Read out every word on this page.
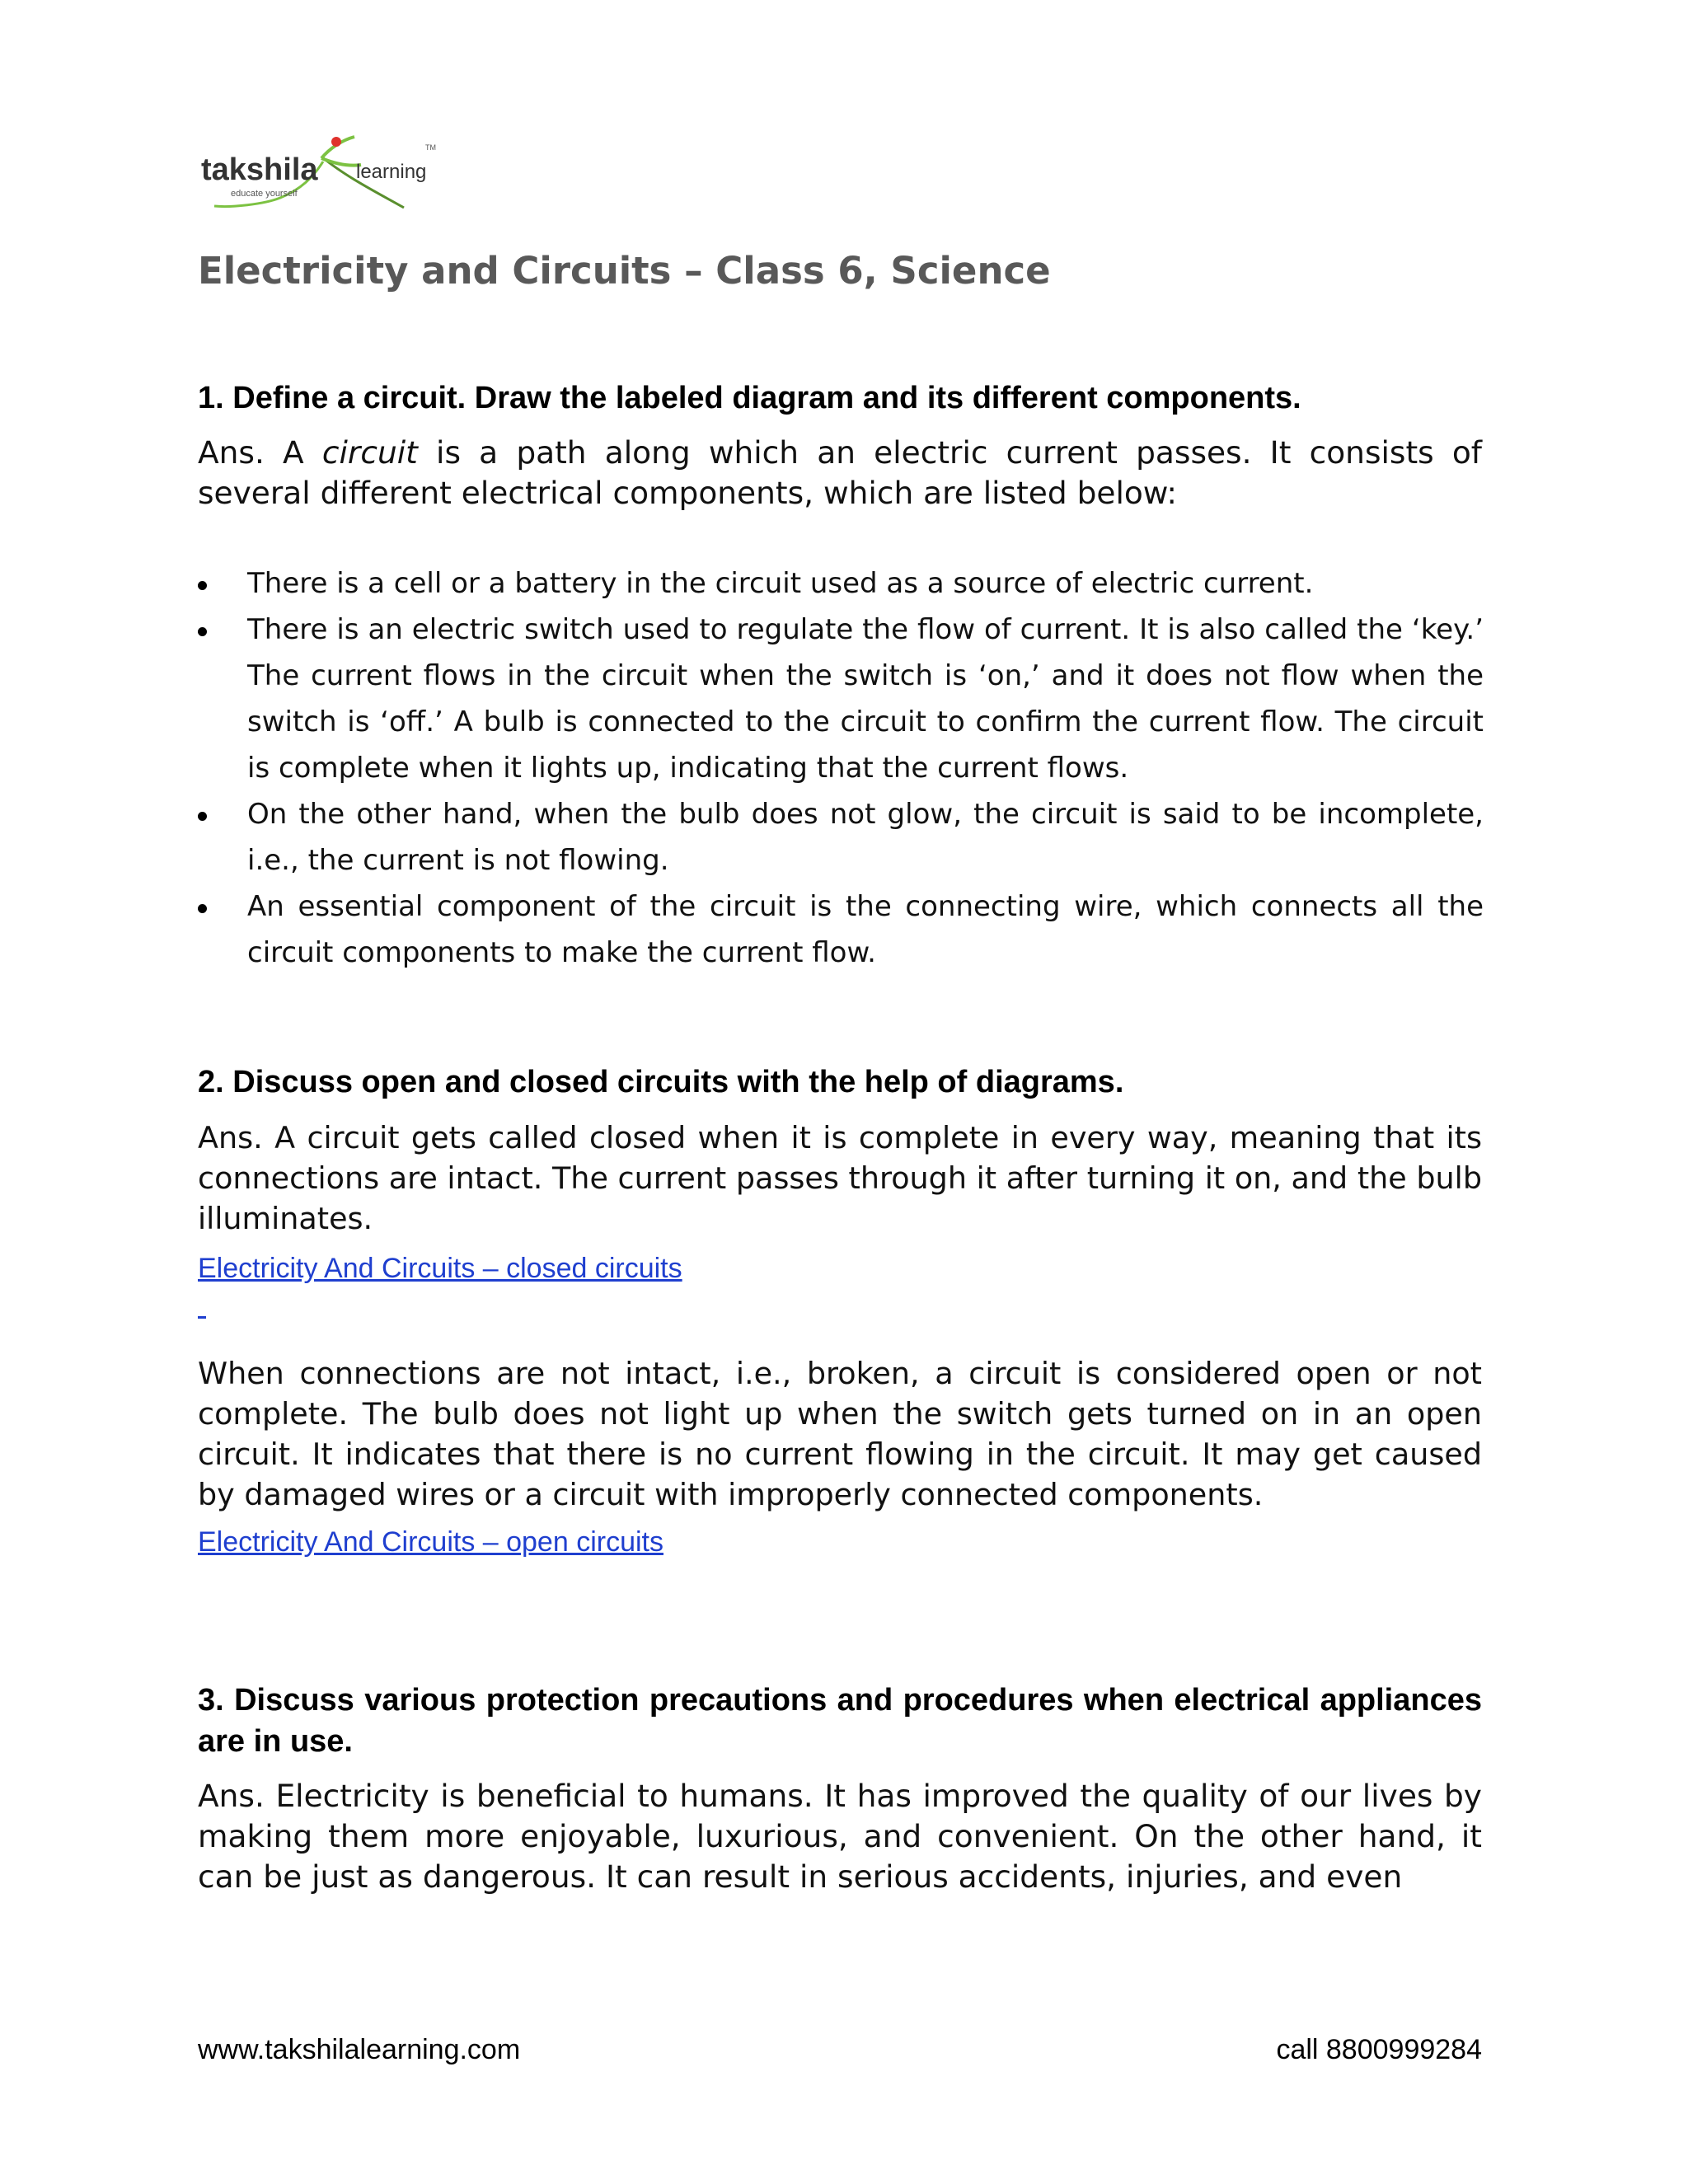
takshila learning
educate yourself
TM
Electricity and Circuits – Class 6, Science

1. Define a circuit. Draw the labeled diagram and its different components.

Ans. A circuit is a path along which an electric current passes. It consists of several different electrical components, which are listed below:

There is a cell or a battery in the circuit used as a source of electric current.
There is an electric switch used to regulate the flow of current. It is also called the ‘key.’ The current flows in the circuit when the switch is ‘on,’ and it does not flow when the switch is ‘off.’ A bulb is connected to the circuit to confirm the current flow. The circuit is complete when it lights up, indicating that the current flows.
On the other hand, when the bulb does not glow, the circuit is said to be incomplete, i.e., the current is not flowing.
An essential component of the circuit is the connecting wire, which connects all the circuit components to make the current flow.

2. Discuss open and closed circuits with the help of diagrams.

Ans. A circuit gets called closed when it is complete in every way, meaning that its connections are intact. The current passes through it after turning it on, and the bulb illuminates.

Electricity And Circuits – closed circuits

When connections are not intact, i.e., broken, a circuit is considered open or not complete. The bulb does not light up when the switch gets turned on in an open circuit. It indicates that there is no current flowing in the circuit. It may get caused by damaged wires or a circuit with improperly connected components.

Electricity And Circuits – open circuits

3. Discuss various protection precautions and procedures when electrical appliances are in use.

Ans. Electricity is beneficial to humans. It has improved the quality of our lives by making them more enjoyable, luxurious, and convenient. On the other hand, it can be just as dangerous. It can result in serious accidents, injuries, and even

www.takshilalearning.com	call 8800999284
